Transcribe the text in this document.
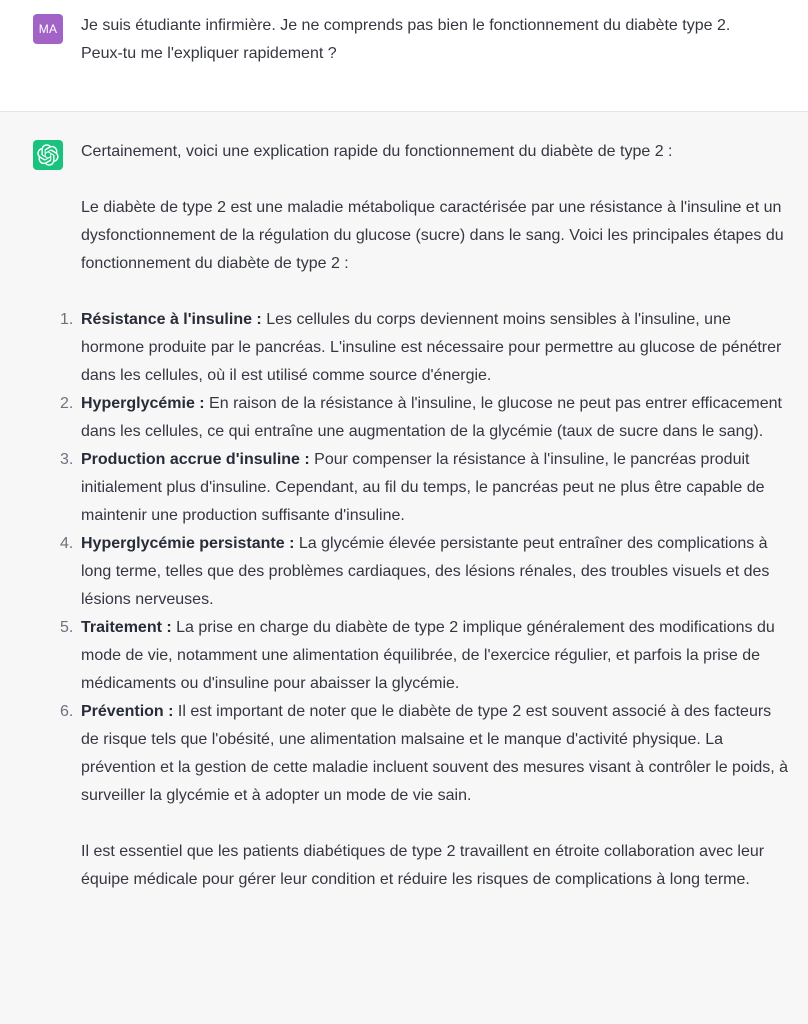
MA	Je suis étudiante infirmière. Je ne comprends pas bien le fonctionnement du diabète type 2.
Peux-tu me l'expliquer rapidement ?

Certainement, voici une explication rapide du fonctionnement du diabète de type 2 :

Le diabète de type 2 est une maladie métabolique caractérisée par une résistance à l'insuline et un dysfonctionnement de la régulation du glucose (sucre) dans le sang. Voici les principales étapes du fonctionnement du diabète de type 2 :

1. Résistance à l'insuline : Les cellules du corps deviennent moins sensibles à l'insuline, une hormone produite par le pancréas. L'insuline est nécessaire pour permettre au glucose de pénétrer dans les cellules, où il est utilisé comme source d'énergie.
2. Hyperglycémie : En raison de la résistance à l'insuline, le glucose ne peut pas entrer efficacement dans les cellules, ce qui entraîne une augmentation de la glycémie (taux de sucre dans le sang).
3. Production accrue d'insuline : Pour compenser la résistance à l'insuline, le pancréas produit initialement plus d'insuline. Cependant, au fil du temps, le pancréas peut ne plus être capable de maintenir une production suffisante d'insuline.
4. Hyperglycémie persistante : La glycémie élevée persistante peut entraîner des complications à long terme, telles que des problèmes cardiaques, des lésions rénales, des troubles visuels et des lésions nerveuses.
5. Traitement : La prise en charge du diabète de type 2 implique généralement des modifications du mode de vie, notamment une alimentation équilibrée, de l'exercice régulier, et parfois la prise de médicaments ou d'insuline pour abaisser la glycémie.
6. Prévention : Il est important de noter que le diabète de type 2 est souvent associé à des facteurs de risque tels que l'obésité, une alimentation malsaine et le manque d'activité physique. La prévention et la gestion de cette maladie incluent souvent des mesures visant à contrôler le poids, à surveiller la glycémie et à adopter un mode de vie sain.

Il est essentiel que les patients diabétiques de type 2 travaillent en étroite collaboration avec leur équipe médicale pour gérer leur condition et réduire les risques de complications à long terme.
